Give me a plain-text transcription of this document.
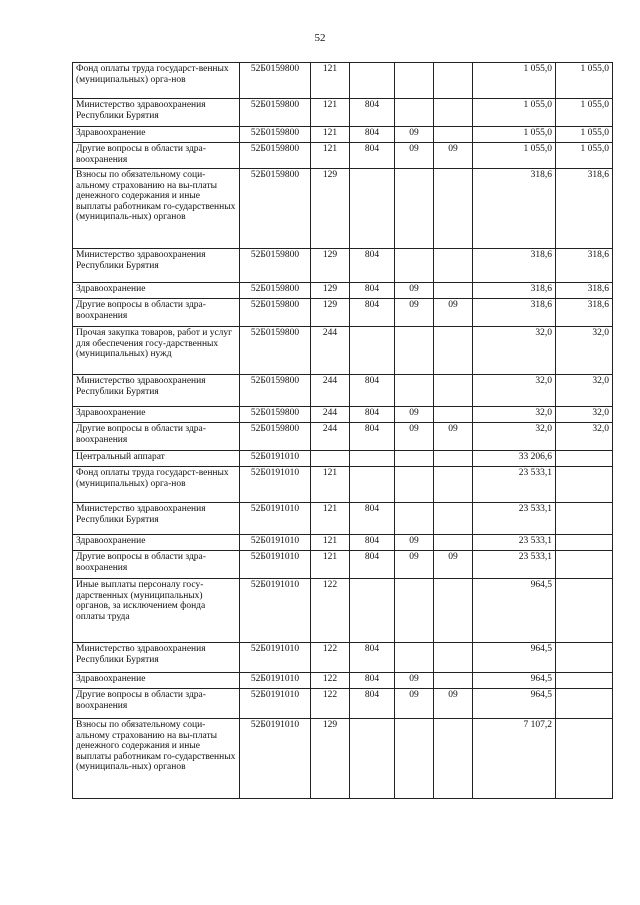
52
Фонд оплаты труда государст-венных (муниципальных) орга-нов	52Б0159800	121				1 055,0	1 055,0
Министерство здравоохранения Республики Бурятия	52Б0159800	121	804			1 055,0	1 055,0
Здравоохранение	52Б0159800	121	804	09		1 055,0	1 055,0
Другие вопросы в области здра-воохранения	52Б0159800	121	804	09	09	1 055,0	1 055,0
Взносы по обязательному соци-альному страхованию на вы-платы денежного содержания и иные выплаты работникам го-сударственных (муниципаль-ных) органов	52Б0159800	129				318,6	318,6
Министерство здравоохранения Республики Бурятия	52Б0159800	129	804			318,6	318,6
Здравоохранение	52Б0159800	129	804	09		318,6	318,6
Другие вопросы в области здра-воохранения	52Б0159800	129	804	09	09	318,6	318,6
Прочая закупка товаров, работ и услуг для обеспечения госу-дарственных (муниципальных) нужд	52Б0159800	244				32,0	32,0
Министерство здравоохранения Республики Бурятия	52Б0159800	244	804			32,0	32,0
Здравоохранение	52Б0159800	244	804	09		32,0	32,0
Другие вопросы в области здра-воохранения	52Б0159800	244	804	09	09	32,0	32,0
Центральный аппарат	52Б0191010					33 206,6	
Фонд оплаты труда государст-венных (муниципальных) орга-нов	52Б0191010	121				23 533,1	
Министерство здравоохранения Республики Бурятия	52Б0191010	121	804			23 533,1	
Здравоохранение	52Б0191010	121	804	09		23 533,1	
Другие вопросы в области здра-воохранения	52Б0191010	121	804	09	09	23 533,1	
Иные выплаты персоналу госу-дарственных (муниципальных) органов, за исключением фонда оплаты труда	52Б0191010	122				964,5	
Министерство здравоохранения Республики Бурятия	52Б0191010	122	804			964,5	
Здравоохранение	52Б0191010	122	804	09		964,5	
Другие вопросы в области здра-воохранения	52Б0191010	122	804	09	09	964,5	
Взносы по обязательному соци-альному страхованию на вы-платы денежного содержания и иные выплаты работникам го-сударственных (муниципаль-ных) органов	52Б0191010	129				7 107,2	
